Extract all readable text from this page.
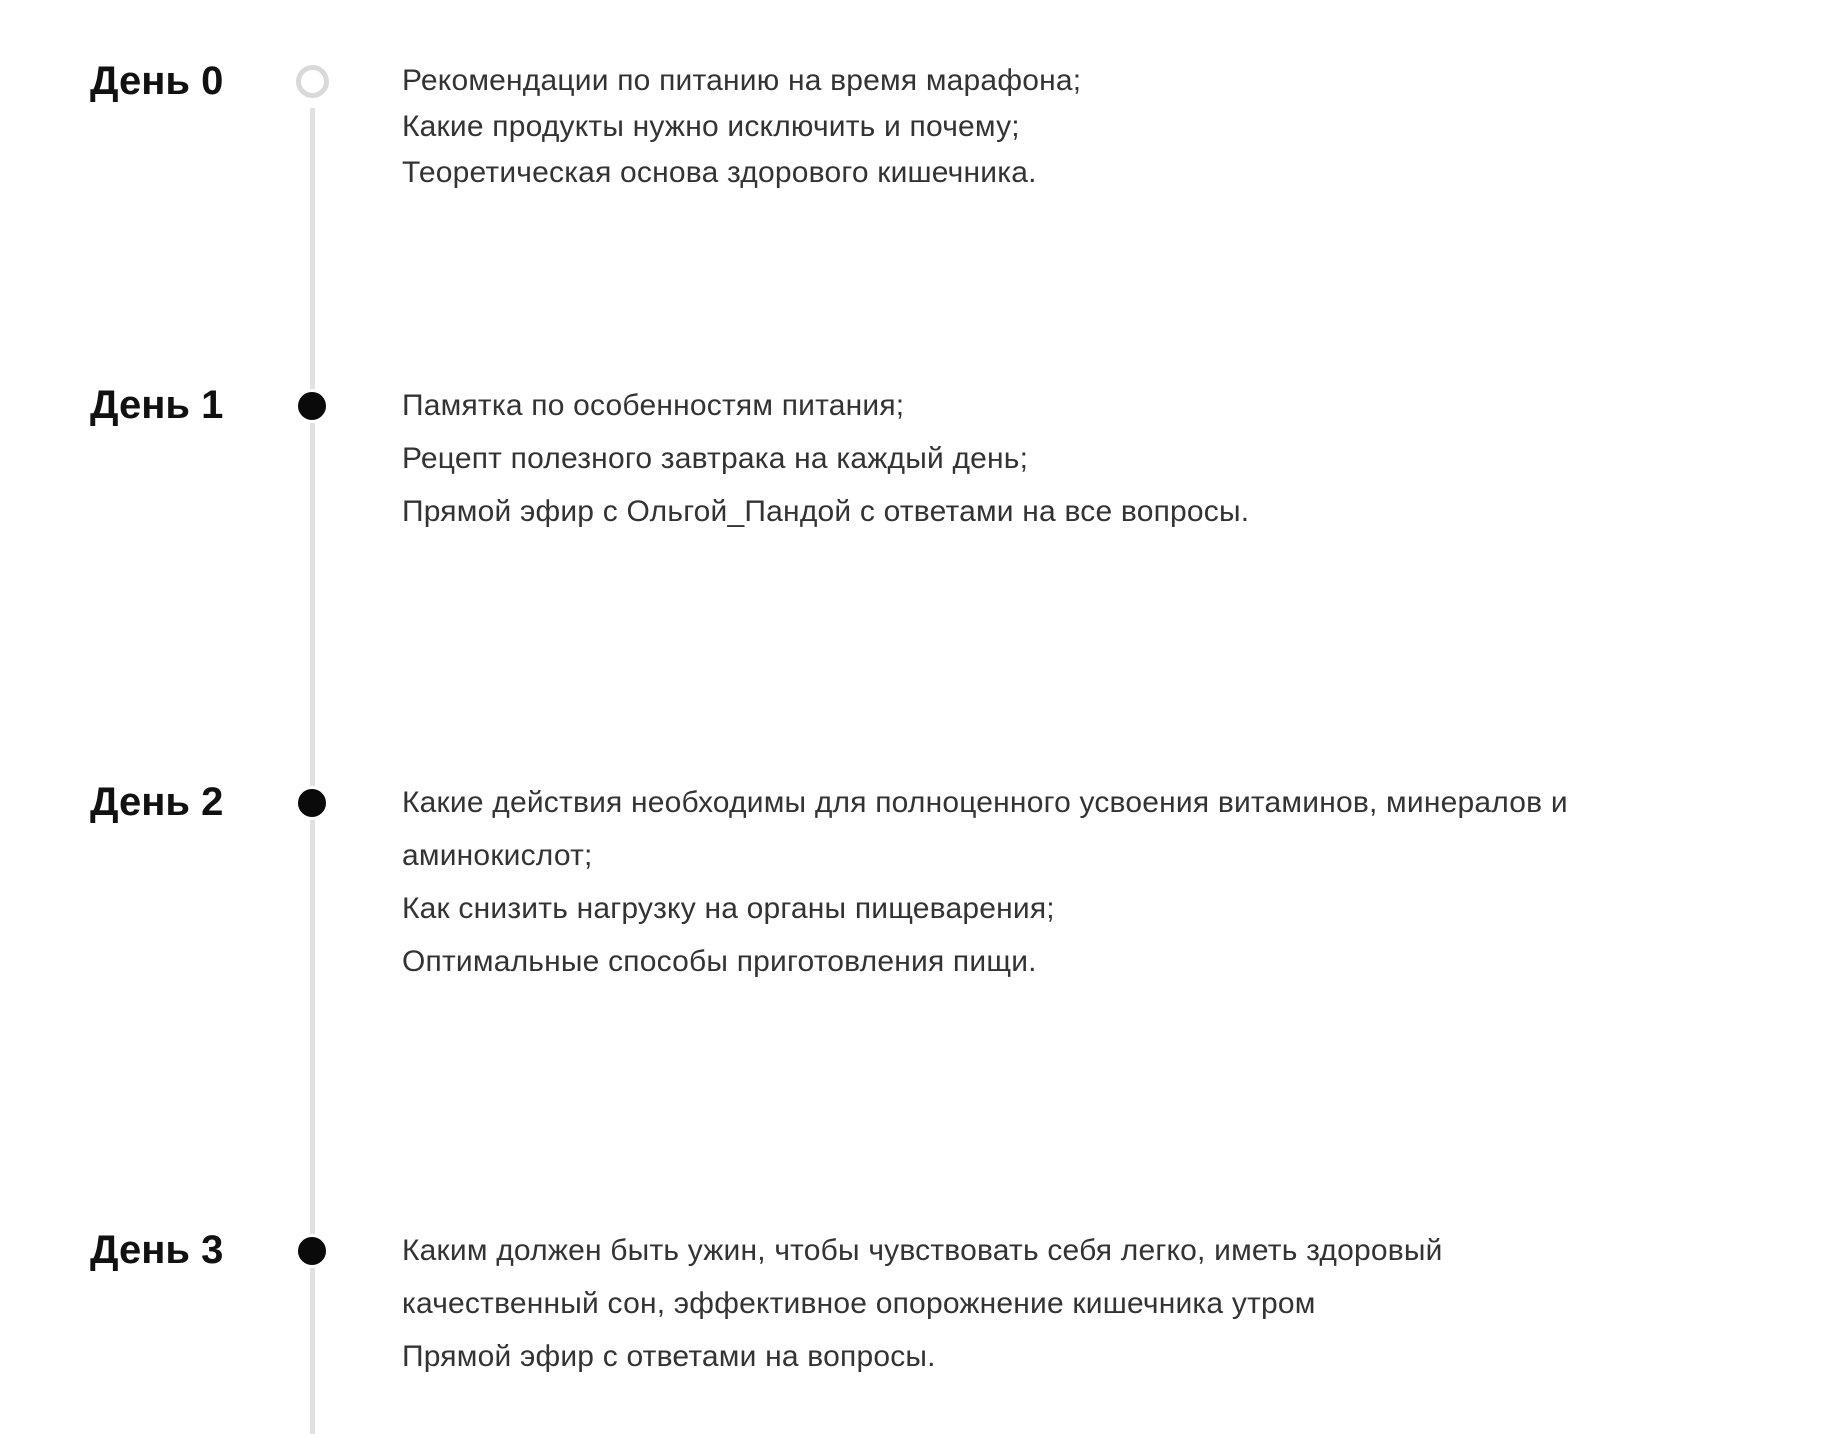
День 0	Рекомендации по питанию на время марафона;
Какие продукты нужно исключить и почему;
Теоретическая основа здорового кишечника.
День 1	Памятка по особенностям питания;
Рецепт полезного завтрака на каждый день;
Прямой эфир с Ольгой_Пандой с ответами на все вопросы.
День 2	Какие действия необходимы для полноценного усвоения витаминов, минералов и
аминокислот;
Как снизить нагрузку на органы пищеварения;
Оптимальные способы приготовления пищи.
День 3	Каким должен быть ужин, чтобы чувствовать себя легко, иметь здоровый
качественный сон, эффективное опорожнение кишечника утром
Прямой эфир с ответами на вопросы.
